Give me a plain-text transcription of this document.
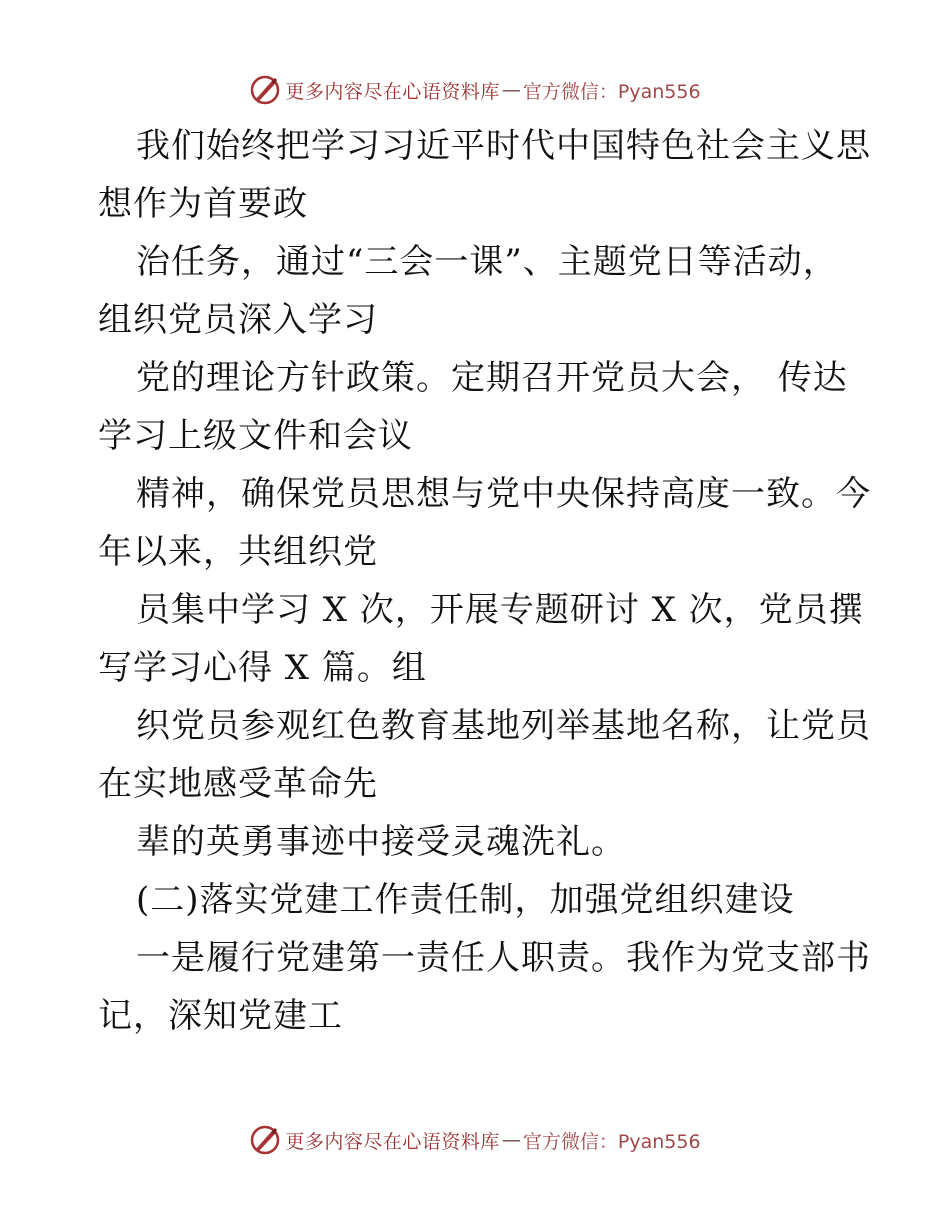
更多内容尽在心语资料库 — 官方微信：Pyan556
我们始终把学习习近平时代中国特色社会主义思
想作为首要政
治任务，通过“三会一课”、主题党日等活动，
组织党员深入学习
党的理论方针政策。定期召开党员大会， 传达
学习上级文件和会议
精神，确保党员思想与党中央保持高度一致。今
年以来，共组织党
员集中学习 X 次，开展专题研讨 X 次，党员撰
写学习心得 X 篇。组
织党员参观红色教育基地列举基地名称，让党员
在实地感受革命先
辈的英勇事迹中接受灵魂洗礼。
(二)落实党建工作责任制，加强党组织建设
一是履行党建第一责任人职责。我作为党支部书
记，深知党建工
更多内容尽在心语资料库 — 官方微信：Pyan556
